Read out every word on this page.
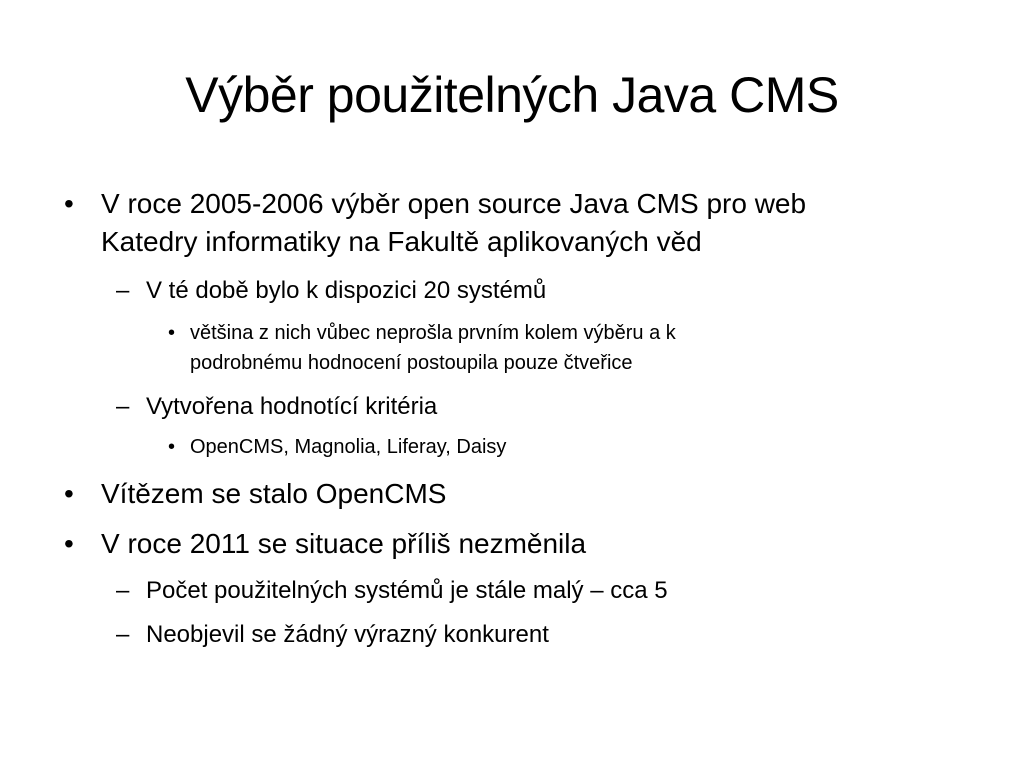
Výběr použitelných Java CMS
• V roce 2005-2006 výběr open source Java CMS pro web
Katedry informatiky na Fakultě aplikovaných věd
– V té době bylo k dispozici 20 systémů
• většina z nich vůbec neprošla prvním kolem výběru a k
podrobnému hodnocení postoupila pouze čtveřice
– Vytvořena hodnotící kritéria
• OpenCMS, Magnolia, Liferay, Daisy
• Vítězem se stalo OpenCMS
• V roce 2011 se situace příliš nezměnila
– Počet použitelných systémů je stále malý – cca 5
– Neobjevil se žádný výrazný konkurent
